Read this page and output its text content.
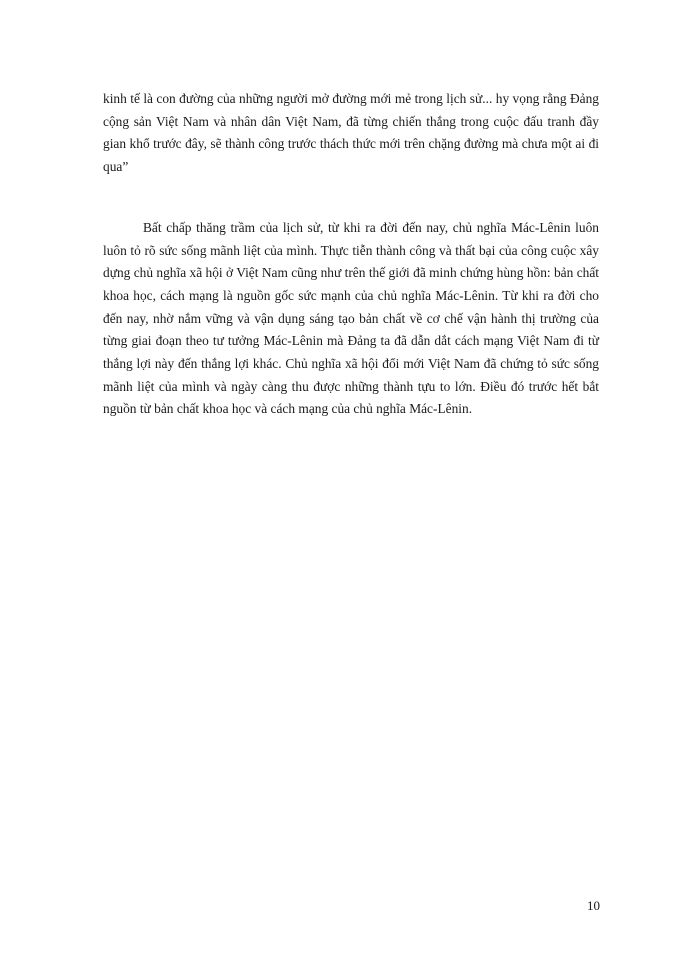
kinh tế là con đường của những người mở đường mới mẻ trong lịch sử... hy vọng rằng Đảng cộng sản Việt Nam và nhân dân Việt Nam, đã từng chiến thắng trong cuộc đấu tranh đầy gian khổ trước đây, sẽ thành công trước thách thức mới trên chặng đường mà chưa một ai đi qua”

Bất chấp thăng trầm của lịch sử, từ khi ra đời đến nay, chủ nghĩa Mác-Lênin luôn luôn tỏ rõ sức sống mãnh liệt của mình. Thực tiễn thành công và thất bại của công cuộc xây dựng chủ nghĩa xã hội ở Việt Nam cũng như trên thế giới đã minh chứng hùng hồn: bản chất khoa học, cách mạng là nguồn gốc sức mạnh của chủ nghĩa Mác-Lênin. Từ khi ra đời cho đến nay, nhờ nắm vững và vận dụng sáng tạo bản chất về cơ chế vận hành thị trường của từng giai đoạn theo tư tưởng Mác-Lênin mà Đảng ta đã dẫn dắt cách mạng Việt Nam đi từ thắng lợi này đến thắng lợi khác. Chủ nghĩa xã hội đổi mới Việt Nam đã chứng tỏ sức sống mãnh liệt của mình và ngày càng thu được những thành tựu to lớn. Điều đó trước hết bắt nguồn từ bản chất khoa học và cách mạng của chủ nghĩa Mác-Lênin.

10
